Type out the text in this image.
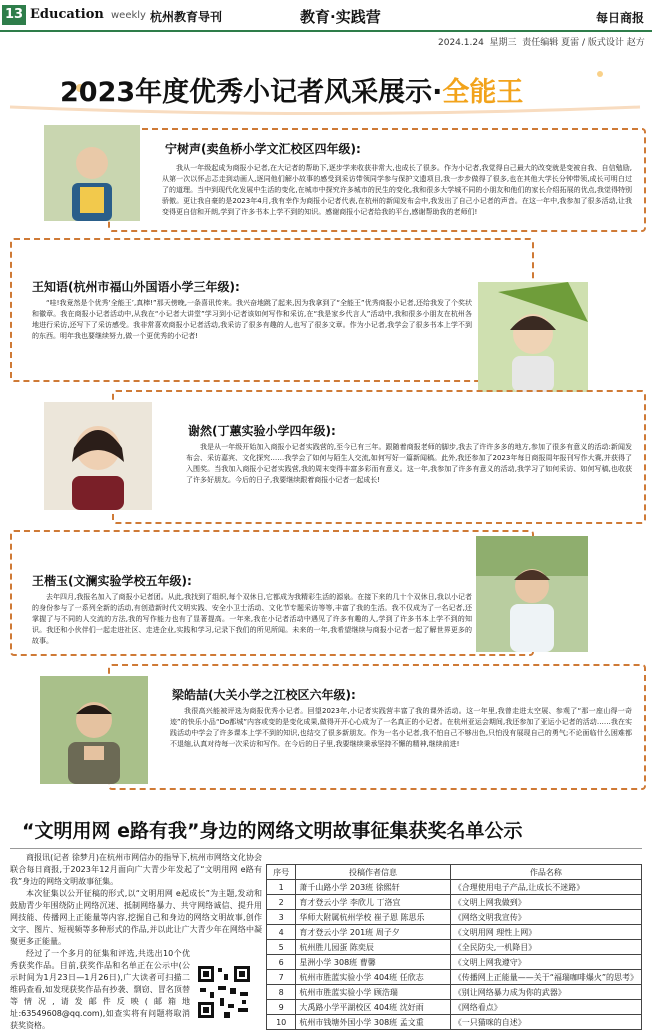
13 Education weekly 杭州教育导刊	教育·实践营	每日商报
2024.1.24 星期三 责任编辑 夏雷 / 版式设计 赵方
2023年度优秀小记者风采展示·全能王
宁树声(卖鱼桥小学文汇校区四年级):

我从一年级起成为商报小记者,在大记者的帮助下,逐步学来收获非常大,也成长了很多。作为小记者,我觉得自己最大的改变就是变被自我、自信勉励,从第一次以怀忐忑走到动画人,逐同他们解小故事的感受到采访带领同学参与保护文遗项目,我一步步做得了很多,也在其他大学长分钟带领,成长可明白过了的道理。当中到现代化发展中生活的变化,在城市中探究许多城市的民生的变化,我和很多大学城不同的小朋友和他们的家长介绍拓展的优点,我觉得特别骄傲。更让我自豪的是2023年4月,我有幸作为商报小记者代表,在杭州的新闻发布会中,我发出了自己小记者的声音。在这一年中,我参加了很多活动,让我变得更自信和开朗,学到了许多书本上学不到的知识。感谢商报小记者给我的平台,感谢帮助我的老师们!

王知语(杭州市福山外国语小学三年级):

“哇!我竟然是个优秀‘全能王’,真棒!”那天傍晚,一条喜讯传来。我兴奋地跳了起来,因为我拿到了“全能王”优秀商报小记者,还给我发了个奖状和徽章。我在商报小记者活动中,从我在“小记者大讲堂”学习到小记者该如何写作和采访,在“我是家乡代言人”活动中,我和很多小朋友在杭州各地进行采访,还写下了采访感受。我非常喜欢商报小记者活动,我采访了很多有趣的人,也写了很多文章。作为小记者,我学会了很多书本上学不到的东西。明年我也要继续努力,做一个更优秀的小记者!

谢然(丁蕙实验小学四年级):

我是从一年级开始加入商报小记者实践营的,至今已有三年。跟随着商报老师的脚步,我去了许许多多的地方,参加了很多有意义的活动:新闻发布会、采访嘉宾、文化探究……我学会了如何与陌生人交流,如何写好一篇新闻稿。此外,我还参加了2023年每日商报周年报刊写作大赛,并获得了入围奖。当我加入商报小记者实践营,我的周末变得丰富多彩而有意义。这一年,我参加了许多有意义的活动,我学习了如何采访、如何写稿,也收获了许多好朋友。今后的日子,我要继续跟着商报小记者一起成长!

王楷玉(文澜实验学校五年级):

去年四月,我报名加入了商报小记者团。从此,我找到了组织,每个双休日,它都成为我精彩生活的源泉。在接下来的几十个双休日,我以小记者的身份参与了一系列全新的活动,有创造新时代文明实践、安全小卫士活动、文化节专题采访等等,丰富了我的生活。我不仅成为了一名记者,还掌握了与不同的人交流的方法,我的写作能力也有了显著提高。一年来,我在小记者活动中遇见了许多有趣的人,学到了许多书本上学不到的知识。我还和小伙伴们一起走进社区、走进企业,实践和学习,记录下我们的所见所闻。未来的一年,我希望继续与商报小记者一起了解世界更多的故事。

梁皓喆(大关小学之江校区六年级):

我很高兴能被评选为商报优秀小记者。回望2023年,小记者实践营丰富了我的课外活动。这一年里,我曾走进太空展、参观了“那一座山得一奇迹”的快乐小品“Do都城”内容或变的是变化成果,做得开开心心成为了一名真正的小记者。在杭州亚运会期间,我还参加了亚运小记者的活动……我在实践活动中学会了许多课本上学不到的知识,也结交了很多新朋友。作为一名小记者,我不怕自己不够出色,只怕没有展现自己的勇气;不论面临什么困难都不退缩,认真对待每一次采访和写作。在今后的日子里,我要继续秉承坚持不懈的精神,继续前进!

“文明用网 e路有我”身边的网络文明故事征集获奖名单公示

商报讯(记者 徐梦月)在杭州市网信办的指导下,杭州市网络文化协会联合每日商报,于2023年12月面向广大青少年发起了“文明用网 e路有我”身边的网络文明故事征集。

本次征集以公开征稿的形式,以“文明用网 e起成长”为主题,发动和鼓励青少年围绕防止网络沉迷、抵制网络暴力、共守网络诚信、提升用网技能、传播网上正能量等内容,挖掘自己和身边的网络文明故事,创作文字、图片、短视频等多种形式的作品,并以此让广大青少年在网络中凝聚更多正能量。

经过了一个多月的征集和评选,共选出10个优秀获奖作品。目前,获奖作品和名单正在公示中(公示时间为1月23日—1月26日),广大读者可扫描二维码查看,如发现获奖作品有抄袭、剽窃、冒名顶替等情况,请发邮件反映(邮箱地址:63549608@qq.com),如查实将有问题将取消获奖资格。

序号	投稿作者信息	作品名称
1	萧千山路小学 203班 徐熙轩	《合理使用电子产品,让成长不迷路》
2	育才登云小学 李欣儿 丁洛宜	《文明上网我做到》
3	华师大附属杭州学校 崔子恩 陈思乐	《网络文明我宣传》
4	育才登云小学 201班 周子夕	《文明用网 理性上网》
5	杭州胜儿园蛋 陈奕辰	《全民防尖,一机降目》
6	星洲小学 308班 曹馨	《文明上网我遵守》
7	杭州市胜蓝实验小学 404班 任欣志	《传播网上正能量——关于“福瑞咖啡爆火”的思考》
8	杭州市胜蓝实验小学 顾浩瑞	《别让网络暴力成为你的武器》
9	大禹路小学平湖校区 404班 沈好雨	《网络看点》
10	杭州市钱塘外国小学 308班 孟文重	《一只猫咪的自述》
